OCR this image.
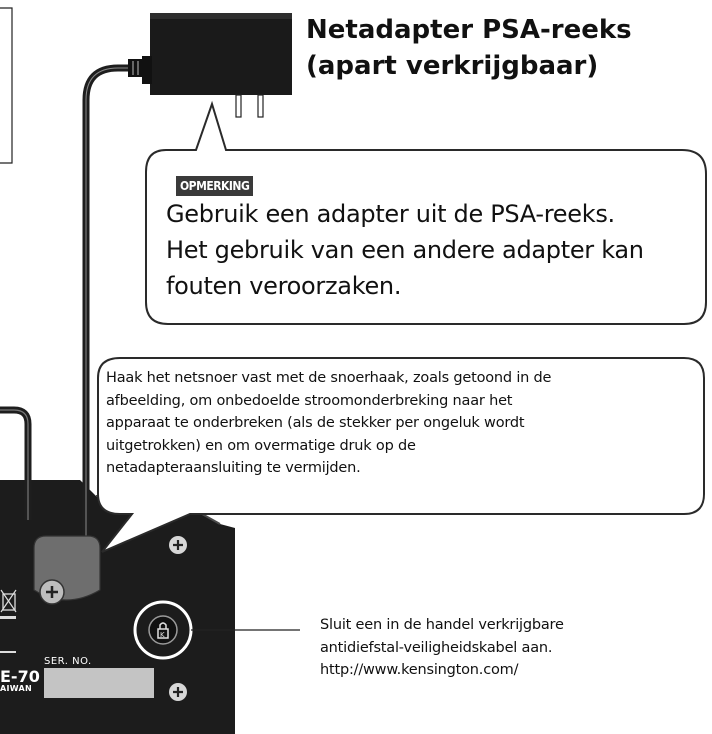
K
Netadapter PSA-reeks
(apart verkrijgbaar)
OPMERKING
Gebruik een adapter uit de PSA-reeks.
Het gebruik van een andere adapter kan
fouten veroorzaken.
Haak het netsnoer vast met de snoerhaak, zoals getoond in de
afbeelding, om onbedoelde stroomonderbreking naar het
apparaat te onderbreken (als de stekker per ongeluk wordt
uitgetrokken) en om overmatige druk op de
netadapteraansluiting te vermijden.
Sluit een in de handel verkrijgbare
antidiefstal-veiligheidskabel aan.
http://www.kensington.com/
SER. NO.
E-70
AIWAN
